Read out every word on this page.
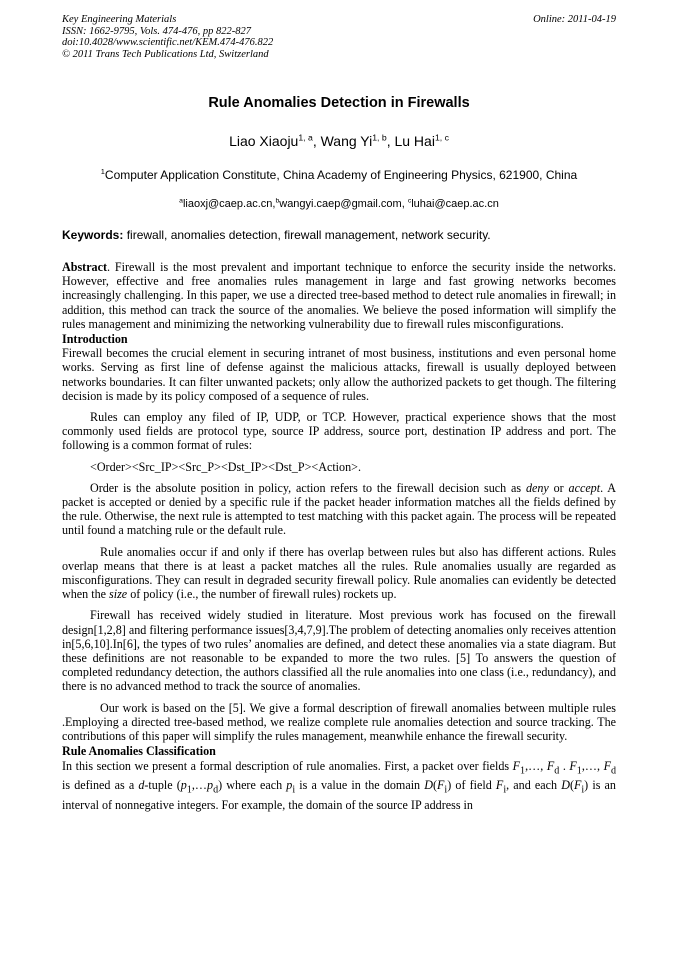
Key Engineering Materials
ISSN: 1662-9795, Vols. 474-476, pp 822-827
doi:10.4028/www.scientific.net/KEM.474-476.822
© 2011 Trans Tech Publications Ltd, Switzerland
Online: 2011-04-19
Rule Anomalies Detection in Firewalls
Liao Xiaoju$^{1, a}$, Wang Yi$^{1, b}$, Lu Hai$^{1, c}$
$^1$Computer Application Constitute, China Academy of Engineering Physics, 621900, China
$^a$liaoxj@caep.ac.cn,$^b$wangyi.caep@gmail.com, $^c$luhai@caep.ac.cn
Keywords: firewall, anomalies detection, firewall management, network security.

Abstract. Firewall is the most prevalent and important technique to enforce the security inside the networks. However, effective and free anomalies rules management in large and fast growing networks becomes increasingly challenging. In this paper, we use a directed tree-based method to detect rule anomalies in firewall; in addition, this method can track the source of the anomalies. We believe the posed information will simplify the rules management and minimizing the networking vulnerability due to firewall rules misconfigurations.

Introduction

Firewall becomes the crucial element in securing intranet of most business, institutions and even personal home works. Serving as first line of defense against the malicious attacks, firewall is usually deployed between networks boundaries. It can filter unwanted packets; only allow the authorized packets to get though. The filtering decision is made by its policy composed of a sequence of rules.

Rules can employ any filed of IP, UDP, or TCP. However, practical experience shows that the most commonly used fields are protocol type, source IP address, source port, destination IP address and port. The following is a common format of rules:

<Order><Src_IP><Src_P><Dst_IP><Dst_P><Action>.

Order is the absolute position in policy, action refers to the firewall decision such as deny or accept. A packet is accepted or denied by a specific rule if the packet header information matches all the fields defined by the rule. Otherwise, the next rule is attempted to test matching with this packet again. The process will be repeated until found a matching rule or the default rule.

Rule anomalies occur if and only if there has overlap between rules but also has different actions. Rules overlap means that there is at least a packet matches all the rules. Rule anomalies usually are regarded as misconfigurations. They can result in degraded security firewall policy. Rule anomalies can evidently be detected when the size of policy (i.e., the number of firewall rules) rockets up.

Firewall has received widely studied in literature. Most previous work has focused on the firewall design[1,2,8] and filtering performance issues[3,4,7,9].The problem of detecting anomalies only receives attention in[5,6,10].In[6], the types of two rules’ anomalies are defined, and detect these anomalies via a state diagram. But these definitions are not reasonable to be expanded to more the two rules. [5] To answers the question of completed redundancy detection, the authors classified all the rule anomalies into one class (i.e., redundancy), and there is no advanced method to track the source of anomalies.

Our work is based on the [5]. We give a formal description of firewall anomalies between multiple rules .Employing a directed tree-based method, we realize complete rule anomalies detection and source tracking. The contributions of this paper will simplify the rules management, meanwhile enhance the firewall security.

Rule Anomalies Classification

In this section we present a formal description of rule anomalies. First, a packet over fields $F_1,\dots$, $F_d$ . $F_1,\dots$, $F_d$ is defined as a d-tuple $(p_1,\dots p_d)$ where each $p_i$ is a value in the domain $D(F_i)$ of field $F_i$, and each $D(F_i)$ is an interval of nonnegative integers. For example, the domain of the source IP address in
